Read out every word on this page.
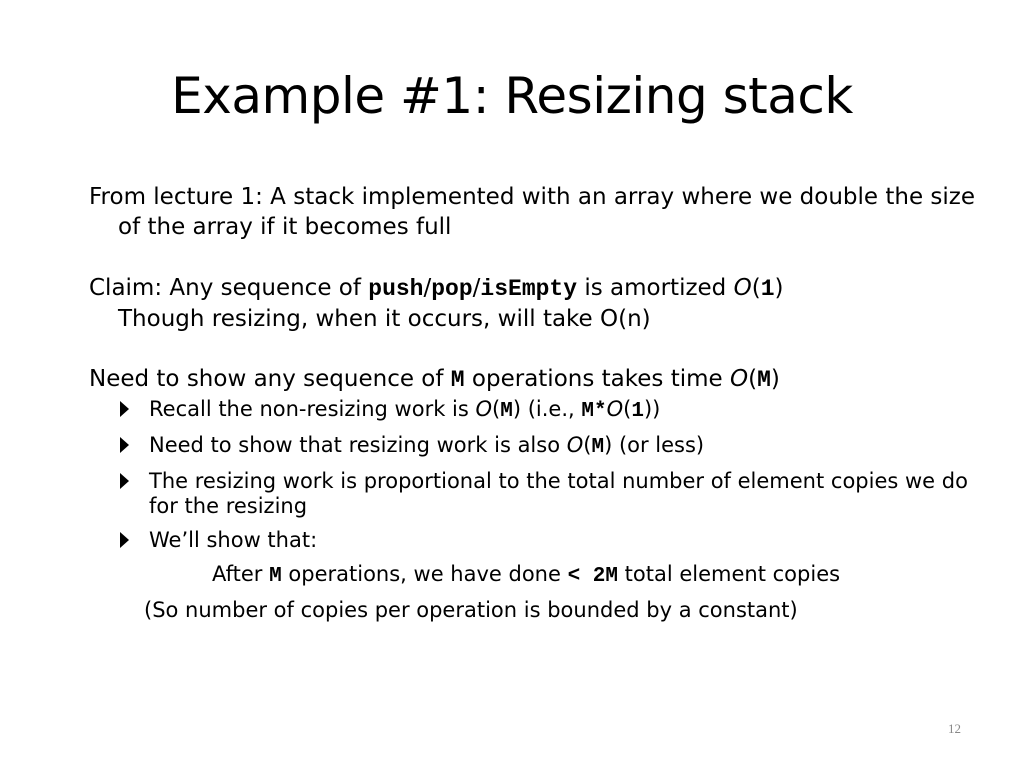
Example #1: Resizing stack
From lecture 1: A stack implemented with an array where we double the size of the array if it becomes full
Claim: Any sequence of push/pop/isEmpty is amortized O(1)
Though resizing, when it occurs, will take O(n)
Need to show any sequence of M operations takes time O(M)
Recall the non-resizing work is O(M) (i.e., M*O(1))
Need to show that resizing work is also O(M) (or less)
The resizing work is proportional to the total number of element copies we do for the resizing
We’ll show that:
After M operations, we have done < 2M total element copies
(So number of copies per operation is bounded by a constant)
12
